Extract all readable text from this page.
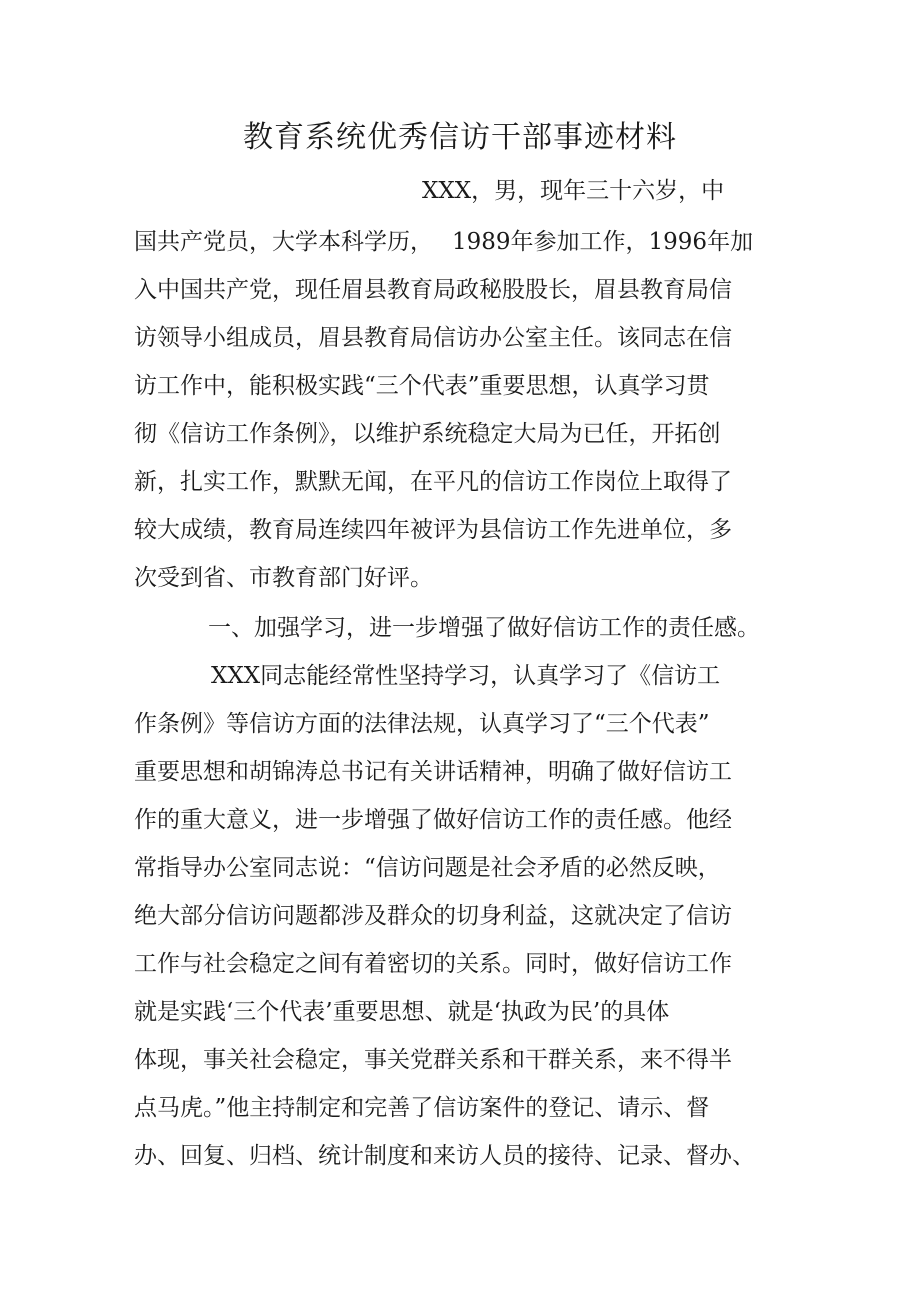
教育系统优秀信访干部事迹材料
XXX，男，现年三十六岁，中
国共产党员，大学本科学历， 1989年参加工作，1996年加
入中国共产党，现任眉县教育局政秘股股长，眉县教育局信
访领导小组成员，眉县教育局信访办公室主任。该同志在信
访工作中，能积极实践“三个代表”重要思想，认真学习贯
彻《信访工作条例》，以维护系统稳定大局为已任，开拓创
新，扎实工作，默默无闻，在平凡的信访工作岗位上取得了
较大成绩，教育局连续四年被评为县信访工作先进单位，多
次受到省、市教育部门好评。
一、加强学习，进一步增强了做好信访工作的责任感。
XXX同志能经常性坚持学习，认真学习了《信访工
作条例》等信访方面的法律法规，认真学习了“三个代表”
重要思想和胡锦涛总书记有关讲话精神，明确了做好信访工
作的重大意义，进一步增强了做好信访工作的责任感。他经
常指导办公室同志说：“信访问题是社会矛盾的必然反映，
绝大部分信访问题都涉及群众的切身利益，这就决定了信访
工作与社会稳定之间有着密切的关系。同时，做好信访工作
就是实践‘三个代表’重要思想、就是‘执政为民’的具体
体现，事关社会稳定，事关党群关系和干群关系，来不得半
点马虎。”他主持制定和完善了信访案件的登记、请示、督
办、回复、归档、统计制度和来访人员的接待、记录、督办、
